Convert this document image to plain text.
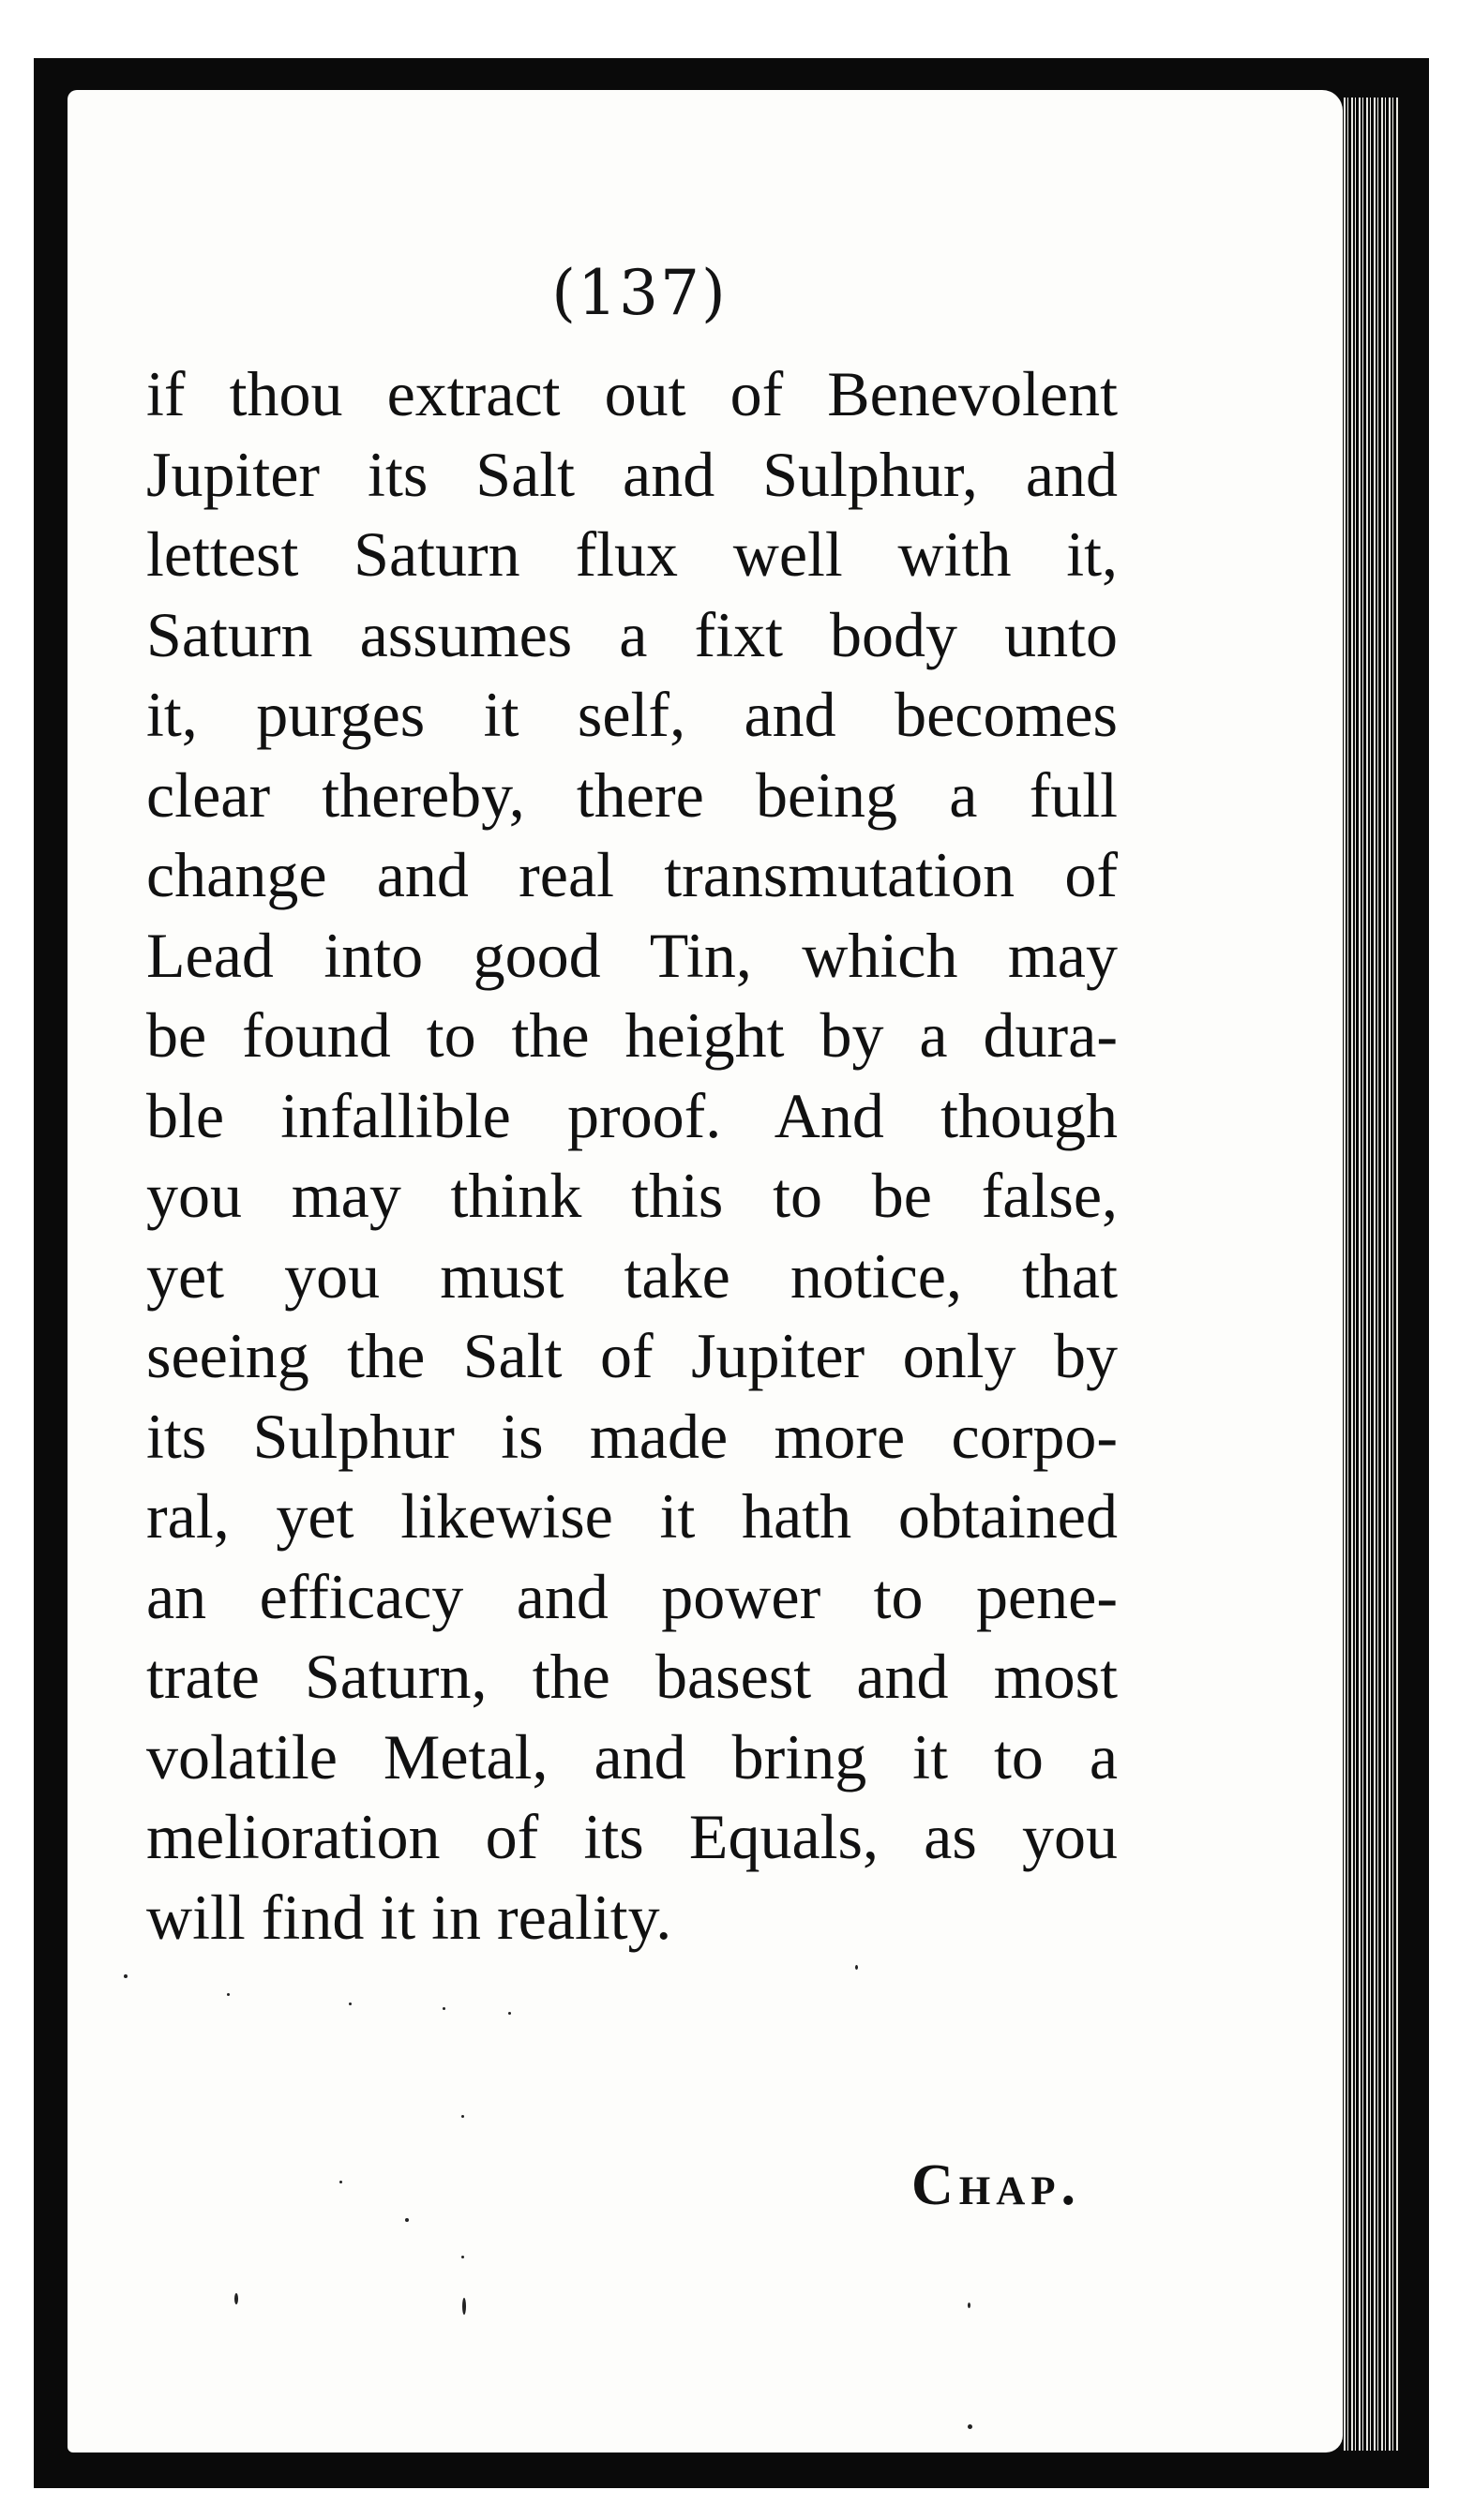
(137)
if thou extract out of Benevolent
Jupiter its Salt and Sulphur, and
lettest Saturn flux well with it,
Saturn assumes a fixt body unto
it, purges it self, and becomes
clear thereby, there being a full
change and real transmutation of
Lead into good Tin, which may
be found to the height by a dura-
ble infallible proof. And though
you may think this to be false,
yet you must take notice, that
seeing the Salt of Jupiter only by
its Sulphur is made more corpo-
ral, yet likewise it hath obtained
an efficacy and power to pene-
trate Saturn, the basest and most
volatile Metal, and bring it to a
melioration of its Equals, as you
will find it in reality.
Chap.
